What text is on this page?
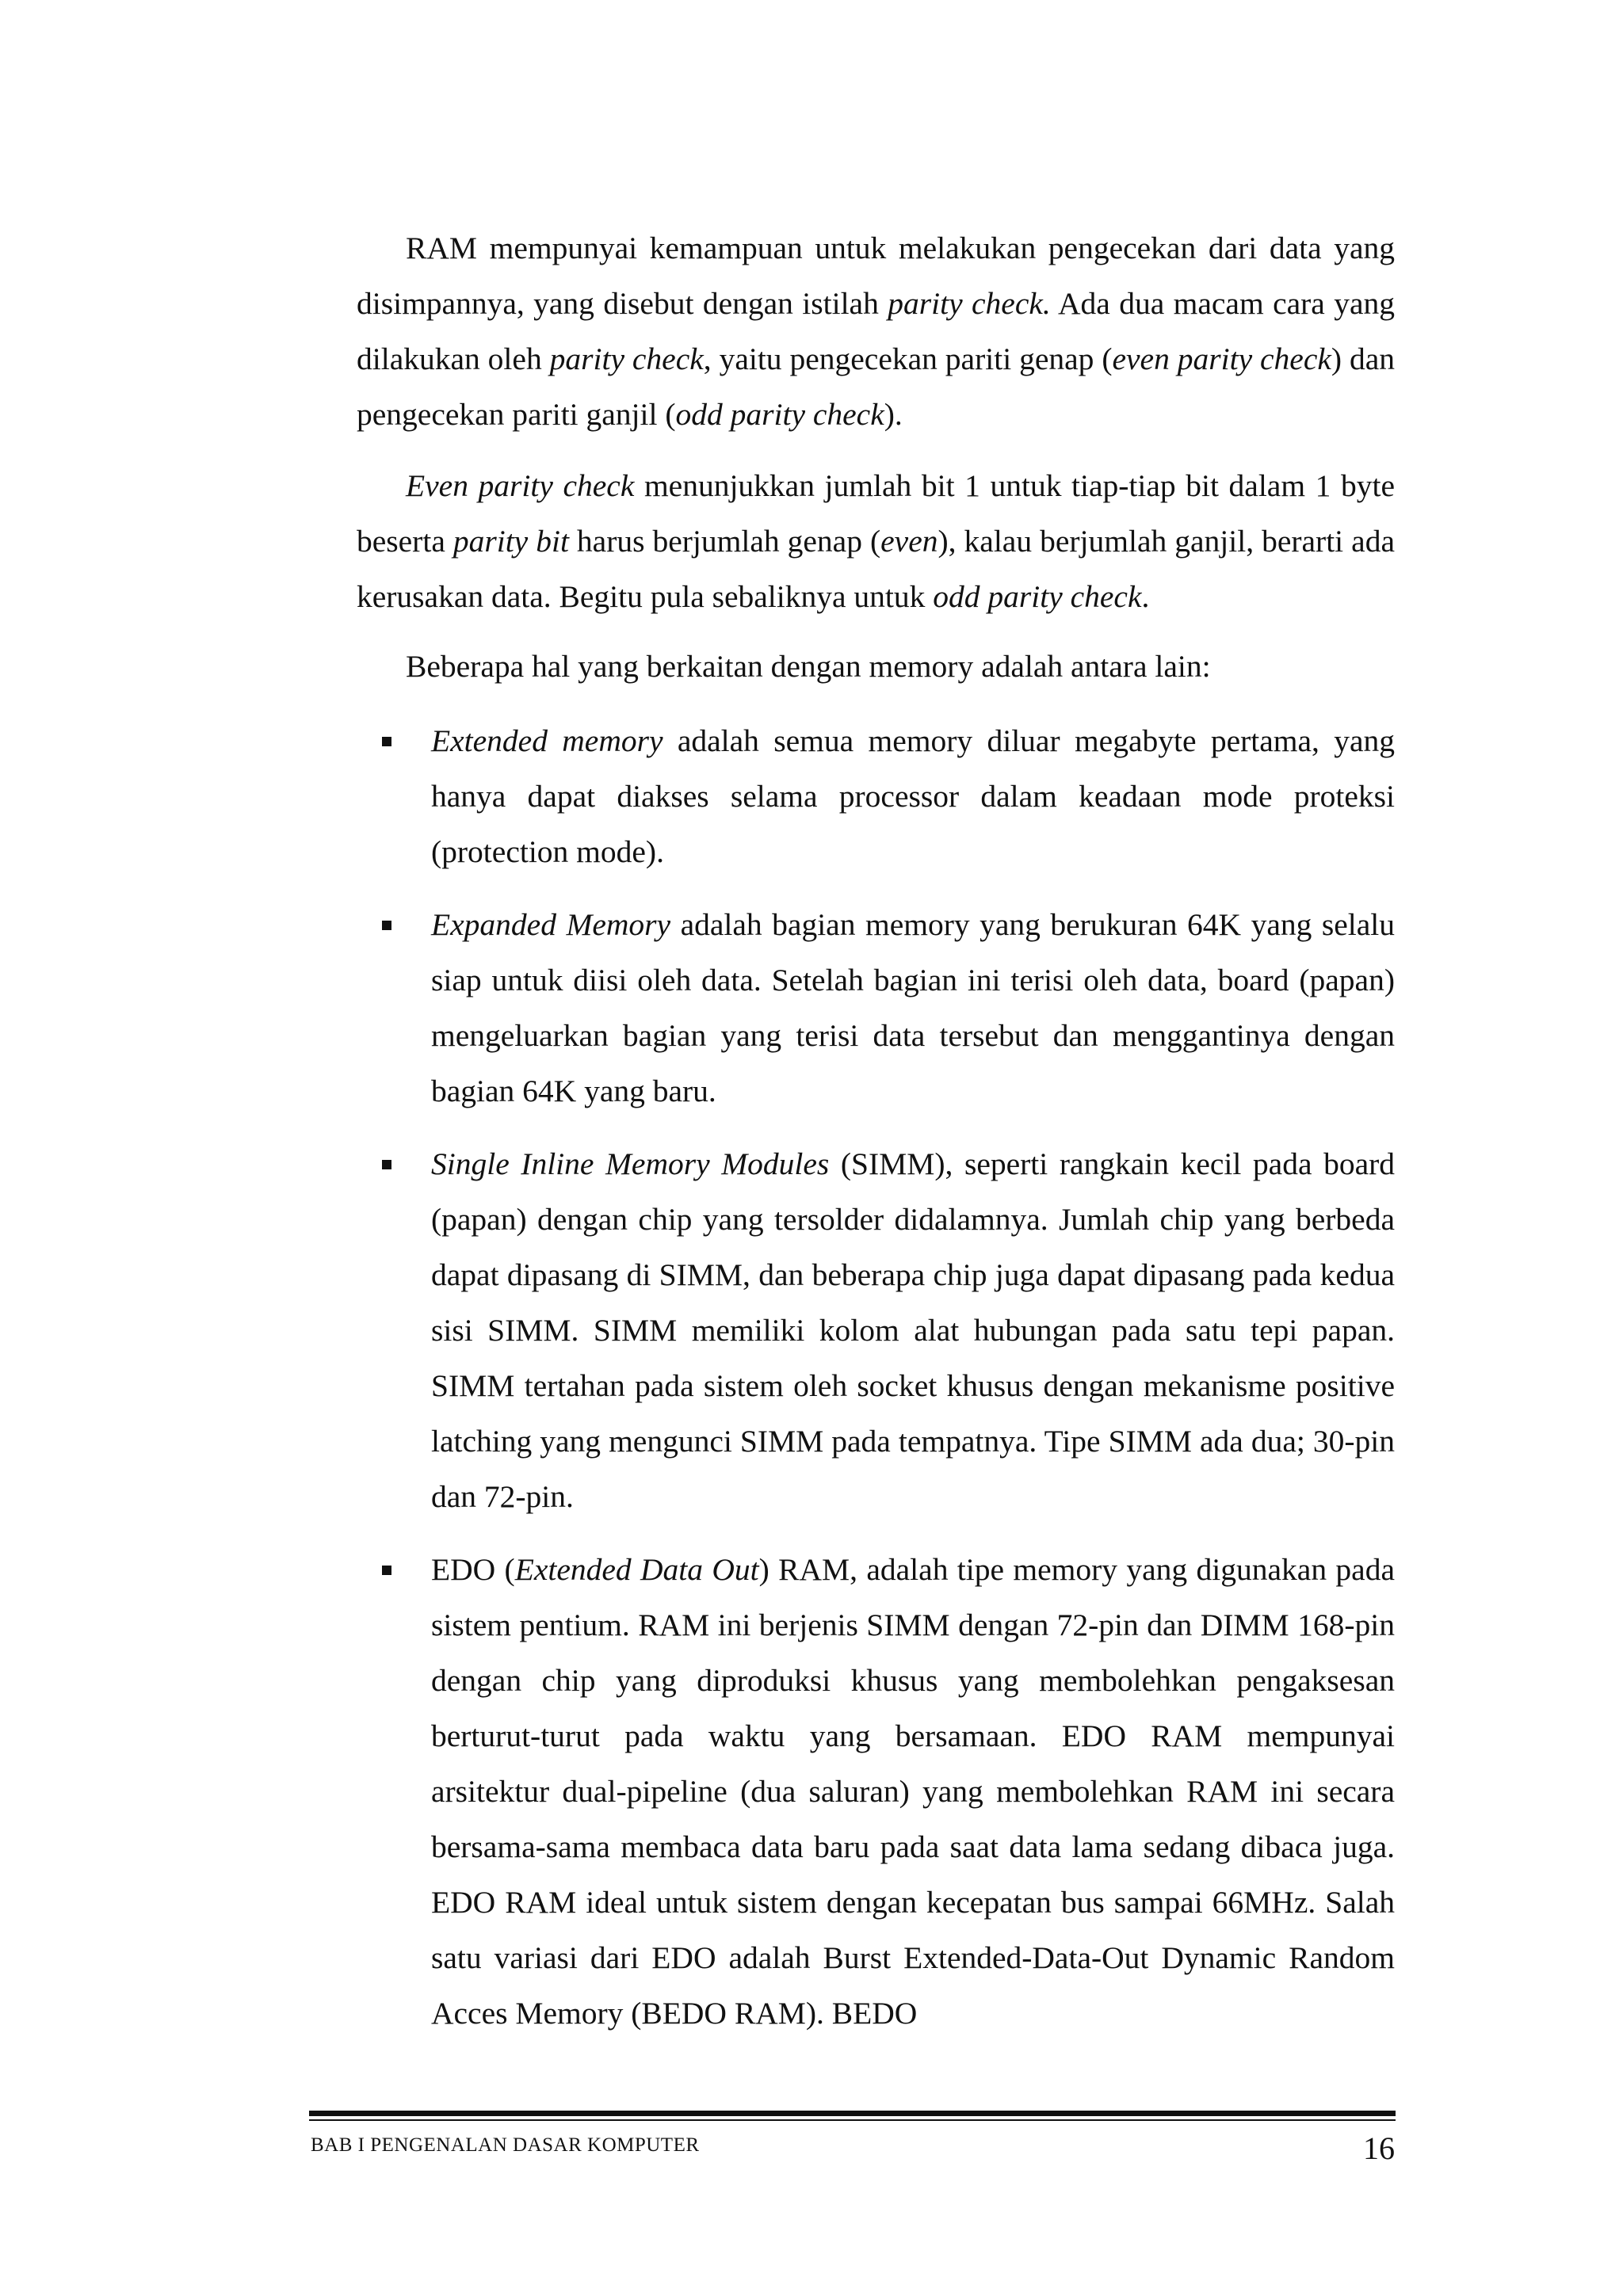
RAM mempunyai kemampuan untuk melakukan pengecekan dari data yang disimpannya, yang disebut dengan istilah parity check. Ada dua macam cara yang dilakukan oleh parity check, yaitu pengecekan pariti genap (even parity check) dan pengecekan pariti ganjil (odd parity check).

Even parity check menunjukkan jumlah bit 1 untuk tiap-tiap bit dalam 1 byte beserta parity bit harus berjumlah genap (even), kalau berjumlah ganjil, berarti ada kerusakan data. Begitu pula sebaliknya untuk odd parity check.

Beberapa hal yang berkaitan dengan memory adalah antara lain:

Extended memory adalah semua memory diluar megabyte pertama, yang hanya dapat diakses selama processor dalam keadaan mode proteksi (protection mode).

Expanded Memory adalah bagian memory yang berukuran 64K yang selalu siap untuk diisi oleh data. Setelah bagian ini terisi oleh data, board (papan) mengeluarkan bagian yang terisi data tersebut dan menggantinya dengan bagian 64K yang baru.

Single Inline Memory Modules (SIMM), seperti rangkain kecil pada board (papan) dengan chip yang tersolder didalamnya. Jumlah chip yang berbeda dapat dipasang di SIMM, dan beberapa chip juga dapat dipasang pada kedua sisi SIMM. SIMM memiliki kolom alat hubungan pada satu tepi papan. SIMM tertahan pada sistem oleh socket khusus dengan mekanisme positive latching yang mengunci SIMM pada tempatnya. Tipe SIMM ada dua; 30-pin dan 72-pin.

EDO (Extended Data Out) RAM, adalah tipe memory yang digunakan pada sistem pentium. RAM ini berjenis SIMM dengan 72-pin dan DIMM 168-pin dengan chip yang diproduksi khusus yang membolehkan pengaksesan berturut-turut pada waktu yang bersamaan. EDO RAM mempunyai arsitektur dual-pipeline (dua saluran) yang membolehkan RAM ini secara bersama-sama membaca data baru pada saat data lama sedang dibaca juga. EDO RAM ideal untuk sistem dengan kecepatan bus sampai 66MHz. Salah satu variasi dari EDO adalah Burst Extended-Data-Out Dynamic Random Acces Memory (BEDO RAM). BEDO

BAB I PENGENALAN DASAR KOMPUTER	16
